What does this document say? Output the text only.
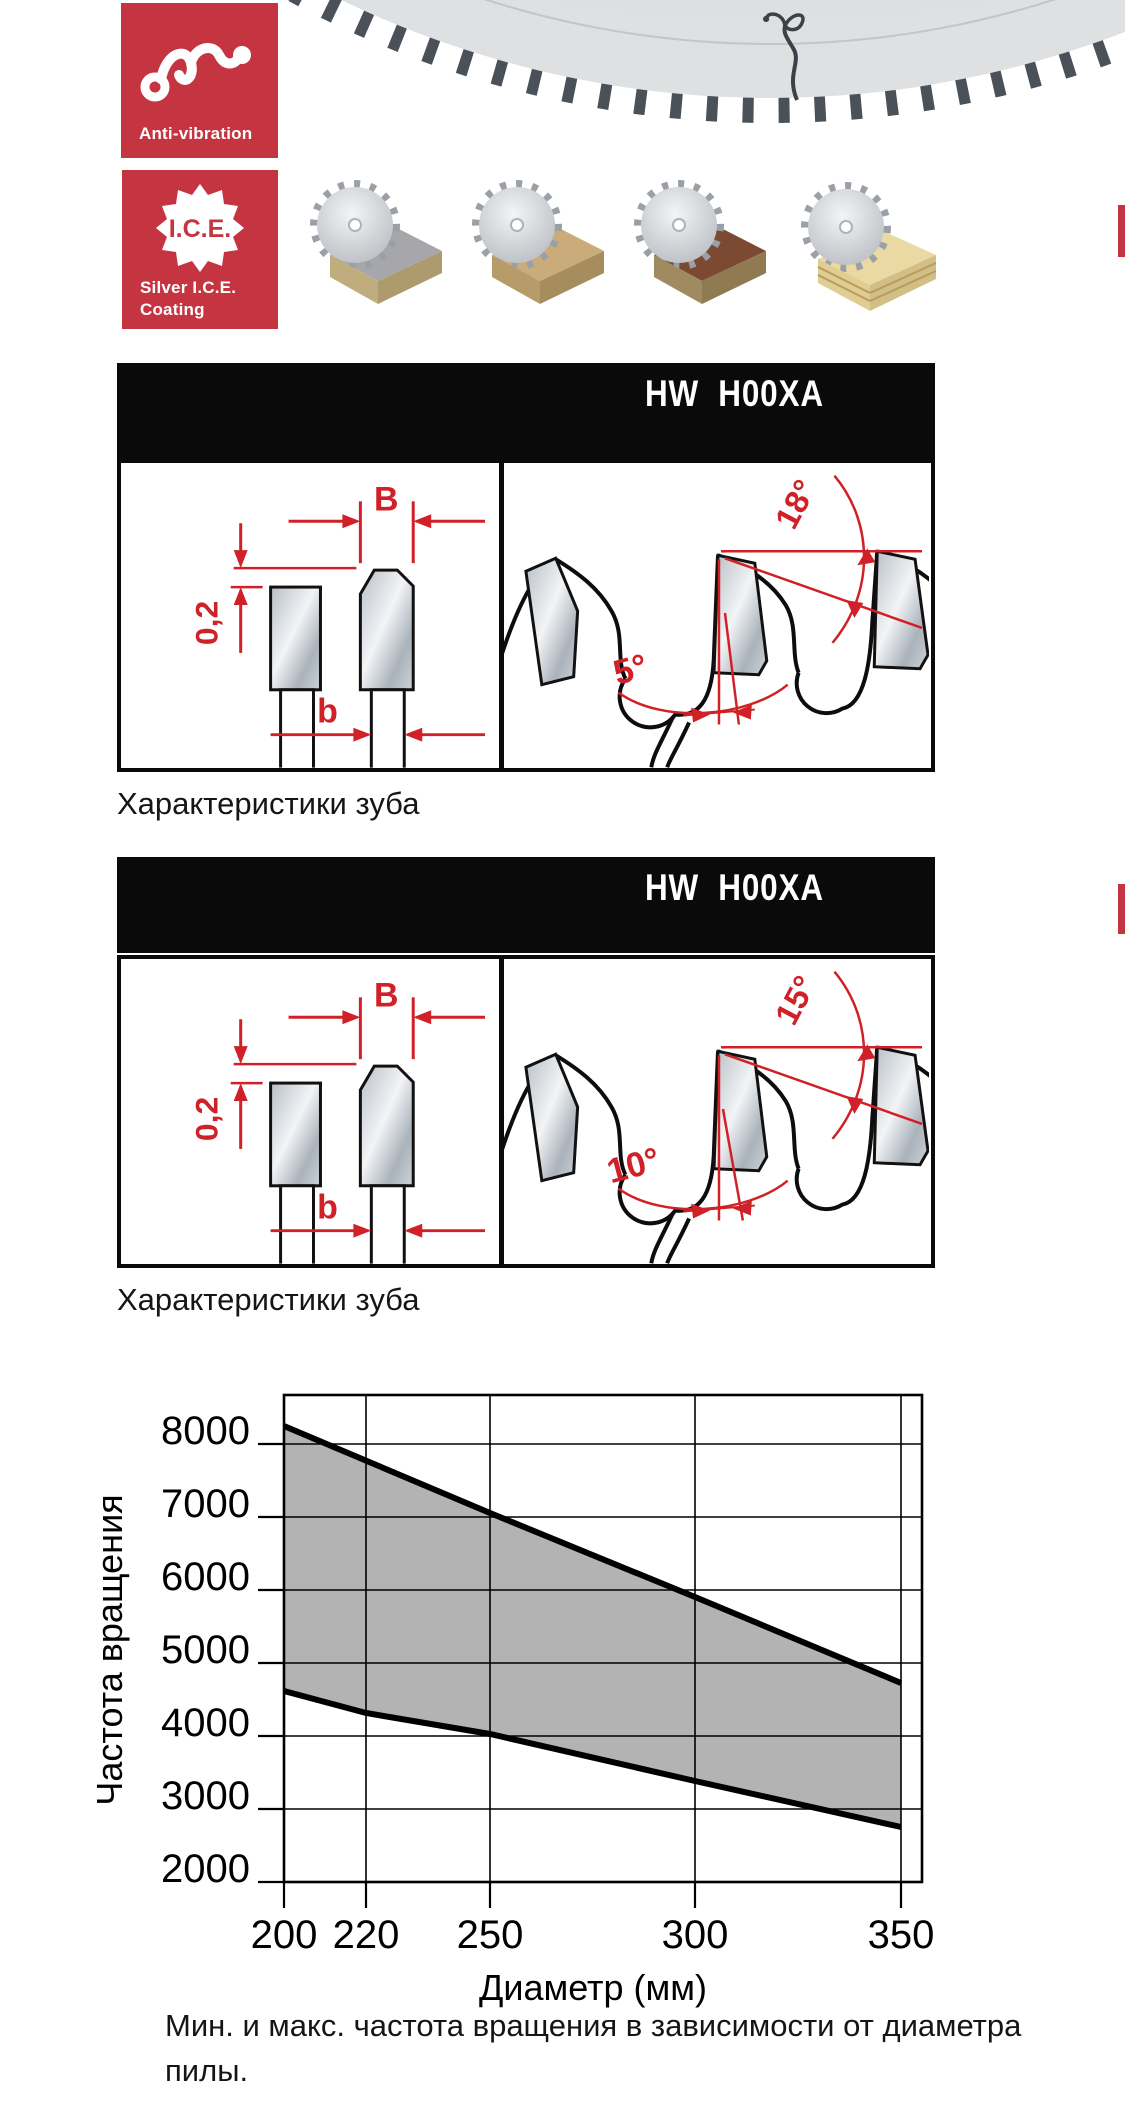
Anti-vibration
I.C.E.
Silver I.C.E.
Coating
HW  H00XA
B
0,2
b
18°
5°
Характеристики зуба
HW  H00XA
B
0,2
b
15°
10°
Характеристики зуба
8000
7000
6000
5000
4000
3000
2000
200 220 250	300	350
Диаметр (мм)
Частота вращения
Мин. и макс. частота вращения в зависимости от диаметра пилы.
